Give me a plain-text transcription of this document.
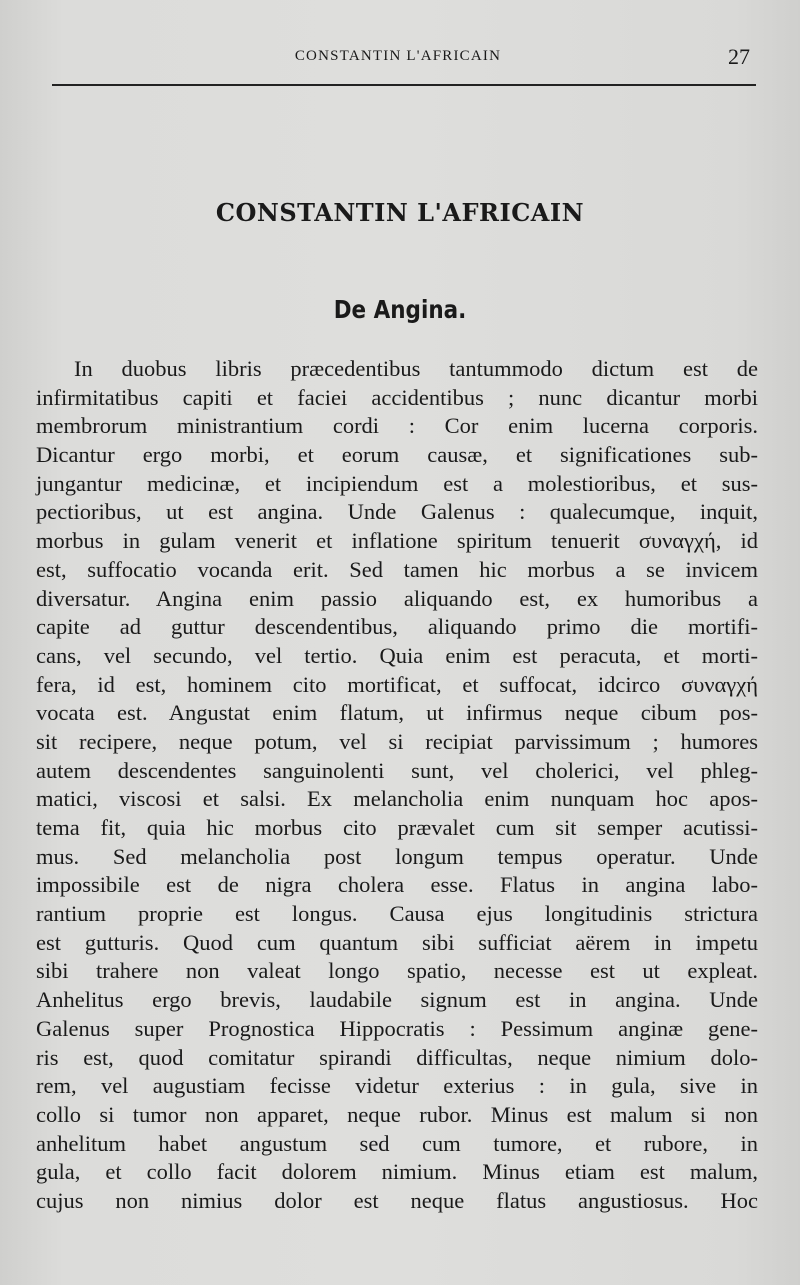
CONSTANTIN L'AFRICAIN	27
CONSTANTIN L'AFRICAIN
De Angina.
In duobus libris præcedentibus tantummodo dictum est de
infirmitatibus capiti et faciei accidentibus ; nunc dicantur morbi
membrorum ministrantium cordi : Cor enim lucerna corporis.
Dicantur ergo morbi, et eorum causæ, et significationes sub-
jungantur medicinæ, et incipiendum est a molestioribus, et sus-
pectioribus, ut est angina. Unde Galenus : qualecumque, inquit,
morbus in gulam venerit et inflatione spiritum tenuerit συναγχή, id
est, suffocatio vocanda erit. Sed tamen hic morbus a se invicem
diversatur. Angina enim passio aliquando est, ex humoribus a
capite ad guttur descendentibus, aliquando primo die mortifi-
cans, vel secundo, vel tertio. Quia enim est peracuta, et morti-
fera, id est, hominem cito mortificat, et suffocat, idcirco συναγχή
vocata est. Angustat enim flatum, ut infirmus neque cibum pos-
sit recipere, neque potum, vel si recipiat parvissimum ; humores
autem descendentes sanguinolenti sunt, vel cholerici, vel phleg-
matici, viscosi et salsi. Ex melancholia enim nunquam hoc apos-
tema fit, quia hic morbus cito prævalet cum sit semper acutissi-
mus. Sed melancholia post longum tempus operatur. Unde
impossibile est de nigra cholera esse. Flatus in angina labo-
rantium proprie est longus. Causa ejus longitudinis strictura
est gutturis. Quod cum quantum sibi sufficiat aërem in impetu
sibi trahere non valeat longo spatio, necesse est ut expleat.
Anhelitus ergo brevis, laudabile signum est in angina. Unde
Galenus super Prognostica Hippocratis : Pessimum anginæ gene-
ris est, quod comitatur spirandi difficultas, neque nimium dolo-
rem, vel augustiam fecisse videtur exterius : in gula, sive in
collo si tumor non apparet, neque rubor. Minus est malum si non
anhelitum habet angustum sed cum tumore, et rubore, in
gula, et collo facit dolorem nimium. Minus etiam est malum,
cujus non nimius dolor est neque flatus angustiosus. Hoc
